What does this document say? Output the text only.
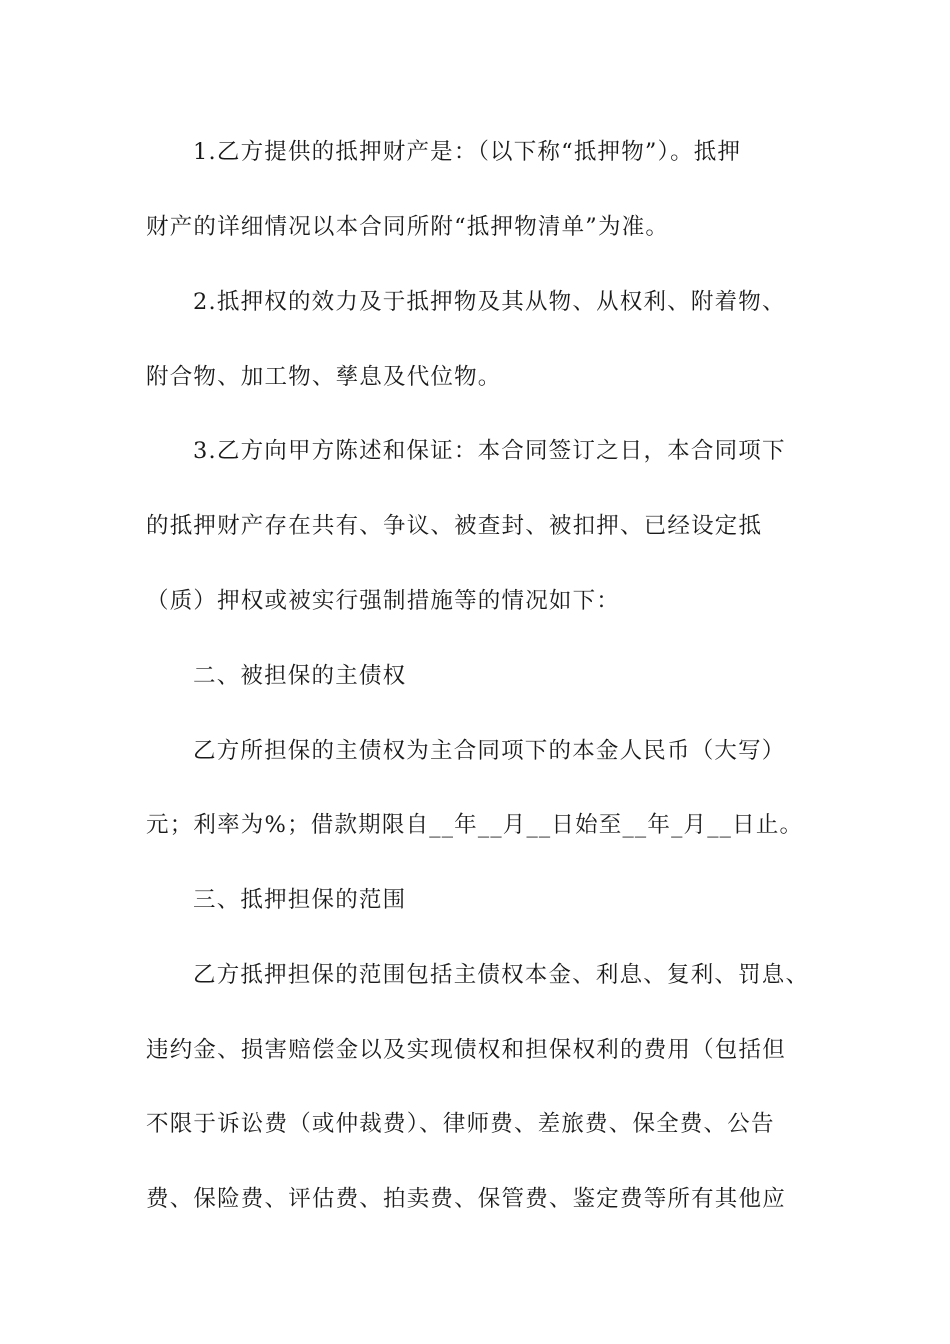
1.乙方提供的抵押财产是：（以下称“抵押物”）。抵押
财产的详细情况以本合同所附“抵押物清单”为准。
2.抵押权的效力及于抵押物及其从物、从权利、附着物、
附合物、加工物、孳息及代位物。
3.乙方向甲方陈述和保证：本合同签订之日，本合同项下
的抵押财产存在共有、争议、被查封、被扣押、已经设定抵
（质）押权或被实行强制措施等的情况如下：
二、被担保的主债权
乙方所担保的主债权为主合同项下的本金人民币（大写）
元；利率为%；借款期限自__年__月__日始至__年_月__日止。
三、抵押担保的范围
乙方抵押担保的范围包括主债权本金、利息、复利、罚息、
违约金、损害赔偿金以及实现债权和担保权利的费用（包括但
不限于诉讼费（或仲裁费）、律师费、差旅费、保全费、公告
费、保险费、评估费、拍卖费、保管费、鉴定费等所有其他应
